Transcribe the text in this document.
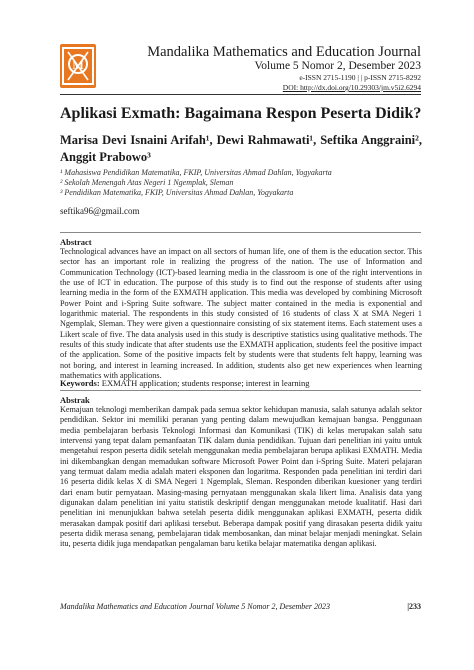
M
Mandalika Mathematics and Education Journal
Volume 5 Nomor 2, Desember 2023
e-ISSN 2715-1190 | | p-ISSN 2715-8292
DOI: http://dx.doi.org/10.29303/jm.v5i2.6294
Aplikasi Exmath: Bagaimana Respon Peserta Didik?
Marisa Devi Isnaini Arifah¹, Dewi Rahmawati¹, Seftika Anggraini², Anggit Prabowo³
¹ Mahasiswa Pendidikan Matematika, FKIP, Universitas Ahmad Dahlan, Yogyakarta
² Sekolah Menengah Atas Negeri 1 Ngemplak, Sleman
³ Pendidikan Matematika, FKIP, Universitas Ahmad Dahlan, Yogyakarta
seftika96@gmail.com
Abstract
Technological advances have an impact on all sectors of human life, one of them is the education sector. This sector has an important role in realizing the progress of the nation. The use of Information and Communication Technology (ICT)-based learning media in the classroom is one of the right interventions in the use of ICT in education. The purpose of this study is to find out the response of students after using learning media in the form of the EXMATH application. This media was developed by combining Microsoft Power Point and i-Spring Suite software. The subject matter contained in the media is exponential and logarithmic material. The respondents in this study consisted of 16 students of class X at SMA Negeri 1 Ngemplak, Sleman. They were given a questionnaire consisting of six statement items. Each statement uses a Likert scale of five. The data analysis used in this study is descriptive statistics using qualitative methods. The results of this study indicate that after students use the EXMATH application, students feel the positive impact of the application. Some of the positive impacts felt by students were that students felt happy, learning was not boring, and interest in learning increased. In addition, students also get new experiences when learning mathematics with applications.
Keywords: EXMATH application; students response; interest in learning
Abstrak
Kemajuan teknologi memberikan dampak pada semua sektor kehidupan manusia, salah satunya adalah sektor pendidikan. Sektor ini memiliki peranan yang penting dalam mewujudkan kemajuan bangsa. Penggunaan media pembelajaran berbasis Teknologi Informasi dan Komunikasi (TIK) di kelas merupakan salah satu intervensi yang tepat dalam pemanfaatan TIK dalam dunia pendidikan. Tujuan dari penelitian ini yaitu untuk mengetahui respon peserta didik setelah menggunakan media pembelajaran berupa aplikasi EXMATH. Media ini dikembangkan dengan memadukan software Microsoft Power Point dan i-Spring Suite. Materi pelajaran yang termuat dalam media adalah materi eksponen dan logaritma. Responden pada penelitian ini terdiri dari 16 peserta didik kelas X di SMA Negeri 1 Ngemplak, Sleman. Responden diberikan kuesioner yang terdiri dari enam butir pernyataan. Masing-masing pernyataan menggunakan skala likert lima. Analisis data yang digunakan dalam penelitian ini yaitu statistik deskriptif dengan menggunakan metode kualitatif. Hasi dari penelitian ini menunjukkan bahwa setelah peserta didik menggunakan aplikasi EXMATH, peserta didik merasakan dampak positif dari aplikasi tersebut. Beberapa dampak positif yang dirasakan peserta didik yaitu peserta didik merasa senang, pembelajaran tidak membosankan, dan minat belajar menjadi meningkat. Selain itu, peserta didik juga mendapatkan pengalaman baru ketika belajar matematika dengan aplikasi.
Mandalika Mathematics and Education Journal Volume 5 Nomor 2, Desember 2023	|233
